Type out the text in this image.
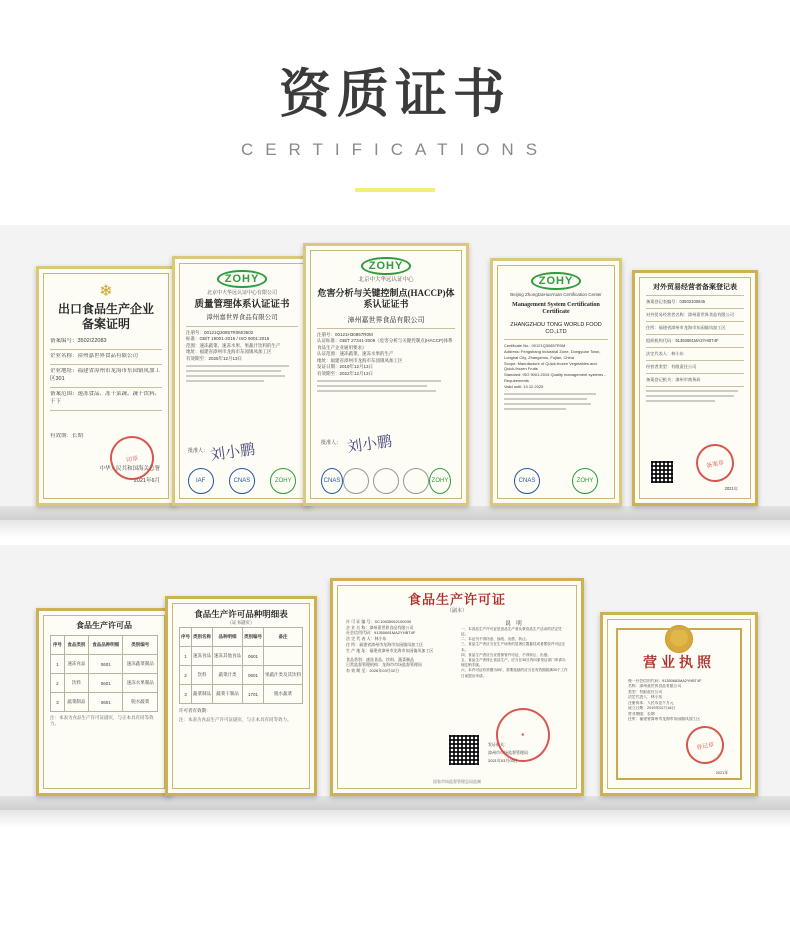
资质证书
CERTIFICATIONS
❄
出口食品生产企业
备案证明
备案编号：3502/22083
企业名称：漳州嘉世界食品有限公司
企业地址：福建省漳州市龙海市东园镇凤加工区301
备案范围：速冻食品、冻干菜蔬、蔬干饮料、干下
有效期：长期
中华人民共和国海关总署
2021年6月
印章
ZOHY
北京中大华远认证中心有限公司
质量管理体系认证证书
漳州嘉世界食品有限公司
注册号：00121Q30857R0M/3502
标准：GB/T 19001-2016 / ISO 9001:2015
范围：速冻蔬菜、速冻水果、果蔬汁饮料的生产
地址：福建省漳州市龙海市东园镇凤加工区
有效期至：2025年12月13日
批准人： 刘小鹏
IAF	CNAS	ZOHY
ZOHY
北京中大华远认证中心
危害分析与关键控制点(HACCP)体系认证证书
漳州嘉世界食品有限公司
注册号：00121H30857R0M
认证标准：GB/T 27341-2009《危害分析与关键控制点(HACCP)体系 食品生产企业通用要求》
认证范围：速冻蔬菜、速冻水果的生产
地址：福建省漳州市龙海市东园镇凤加工区
发证日期：2019年12月13日
有效期至：2022年12月13日
批准人： 刘小鹏
CNAS	ZOHY
ZOHY
Beijing ZhongDaHuaYuan Certification Center
Management System Certification Certificate
ZHANGZHOU TONG WORLD FOOD CO.,LTD
Certificate No.: 00121Q30857R0M
Address: Fengshang Industrial Zone, Dongyuan Town, Longhai City, Zhangzhou, Fujian, China
Scope: Manufacture of Quick-frozen Vegetables and Quick-frozen Fruits
Standard: ISO 9001:2015 Quality management systems - Requirements
Valid until: 13.12.2025
CNAS	ZOHY
对外贸易经营者备案登记表
备案登记表编号：03502100845
对外贸易经营者名称：漳州嘉世界食品有限公司
住所：福建省漳州市龙海市东园镇凤加工区
组织机构代码：91350681MA2YHBT4F
法定代表人：林小东
经营者类型：有限责任公司
备案登记机关：漳州市商务局
备案章
2021年
食品生产许可品
序号	食品类别	食品品种明细	类别编号
1	速冻食品	0601	速冻蔬菜制品
2	饮料	0601	速冻水果制品
3	蔬菜制品	0601	脱水蔬菜
注：本表为食品生产许可证副页，与正本具有同等效力。
食品生产许可品种明细表
（证书副页）
序号	类别名称	品种明细	类别编号	备注
1	速冻食品	速冻其他食品	0601	
2	饮料	蔬菜汁类	0601	果蔬汁类及其饮料
3	蔬菜制品	蔬菜干制品	1701	脱水蔬菜
许可者有效期：
注：本表为食品生产许可证副页，与正本具有同等效力。
食品生产许可证
（副本）
许 可 证 编 号：SC10635062100030
企 业 名 称：漳州嘉世界食品有限公司
社会信用代码：91350681MA2YHBT4F
法 定 代 表 人：林小东
住 所：福建省漳州市龙海市东园镇凤加工区
生 产 地 址：福建省漳州市龙海市东园镇凤加工区
食品类别：速冻食品、饮料、蔬菜制品
日常监督管理机构：龙海市市场监督管理局
有 效 期 至：2026年03月02日
说 明
一、本食品生产许可证是食品生产者从事食品生产活动的法定凭证。
二、本证书不得伪造、涂改、出借、转让。
三、食品生产者应当在生产场所的显著位置悬挂或者摆放许可证正本。
四、食品生产者应当妥善保管许可证，不得转让、出借。
五、食品生产者终止食品生产，应当在30日内向原发证部门申请办理注销手续。
六、本许可证有效期为5年，需要延续的应当在有效期届满30个工作日前提出申请。
发证机关：
漳州市市场监督管理局
2021年03月03日
★
国家市场监督管理总局监制
营业执照
统一社会信用代码：91350681MA2YHBT4F
名称：漳州嘉世界食品有限公司
类型：有限责任公司
法定代表人：林小东
注册资本：人民币壹千万元
成立日期：2019年02月18日
营业期限：长期
住所：福建省漳州市龙海市东园镇凤加工区
登记章
2021年
